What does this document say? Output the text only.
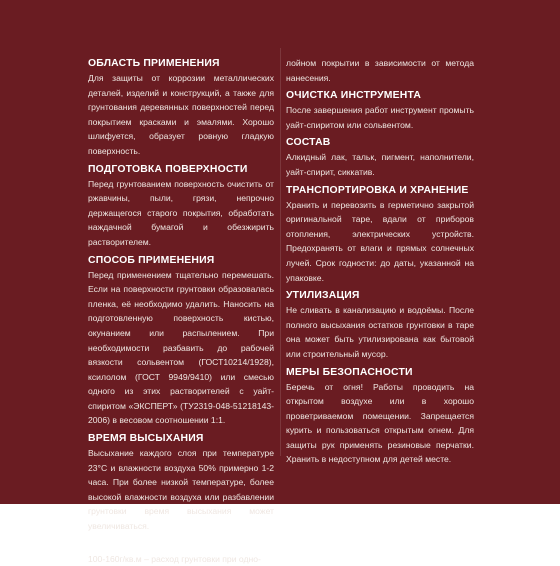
ОБЛАСТЬ ПРИМЕНЕНИЯ

Для защиты от коррозии металлических деталей, изделий и конструкций, а также для грунтования деревянных поверхностей перед покрытием красками и эмалями. Хорошо шлифуется, образует ровную гладкую поверхность.

ПОДГОТОВКА ПОВЕРХНОСТИ

Перед грунтованием поверхность очистить от ржавчины, пыли, грязи, непрочно держащегося старого покрытия, обработать наждачной бумагой и обезжирить растворителем.

СПОСОБ ПРИМЕНЕНИЯ

Перед применением тщательно перемешать. Если на поверхности грунтовки образовалась пленка, её необходимо удалить. Наносить на подготовленную поверхность кистью, окунанием или распылением. При необходимости разбавить до рабочей вязкости сольвентом (ГОСТ10214/1928), ксилолом (ГОСТ 9949/9410) или смесью одного из этих растворителей с уайт-спиритом «ЭКСПЕРТ» (ТУ2319-048-51218143-2006) в весовом соотношении 1:1.

ВРЕМЯ ВЫСЫХАНИЯ

Высыхание каждого слоя при температуре 23°С и влажности воздуха 50% примерно 1-2 часа. При более низкой температуре, более высокой влажности воздуха или разбавлении грунтовки время высыхания может увеличиваться.

РАСХОД

100-160г/кв.м – расход грунтовки при одно-

лойном покрытии в зависимости от метода нанесения.

ОЧИСТКА ИНСТРУМЕНТА

После завершения работ инструмент промыть уайт-спиритом или сольвентом.

СОСТАВ

Алкидный лак, тальк, пигмент, наполнители, уайт-спирит, сиккатив.

ТРАНСПОРТИРОВКА И ХРАНЕНИЕ

Хранить и перевозить в герметично закрытой оригинальной таре, вдали от приборов отопления, электрических устройств. Предохранять от влаги и прямых солнечных лучей. Срок годности: до даты, указанной на упаковке.

УТИЛИЗАЦИЯ

Не сливать в канализацию и водоёмы. После полного высыхания остатков грунтовки в таре она может быть утилизирована как бытовой или строительный мусор.

МЕРЫ БЕЗОПАСНОСТИ

Беречь от огня! Работы проводить на открытом воздухе или в хорошо проветриваемом помещении. Запрещается курить и пользоваться открытым огнем. Для защиты рук применять резиновые перчатки. Хранить в недоступном для детей месте.
